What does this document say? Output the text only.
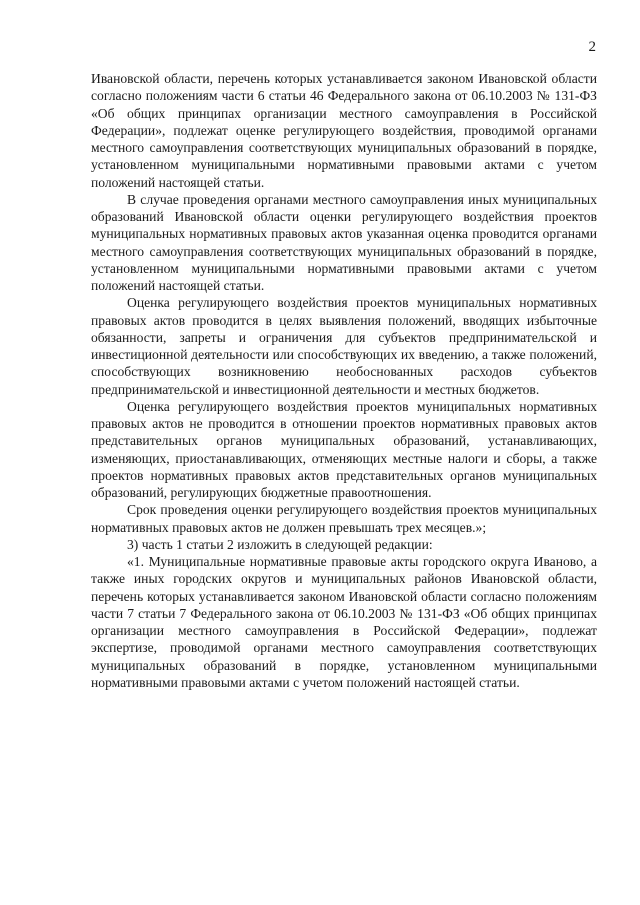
2

Ивановской области, перечень которых устанавливается законом Ивановской области согласно положениям части 6 статьи 46 Федерального закона от 06.10.2003 № 131-ФЗ «Об общих принципах организации местного самоуправления в Российской Федерации», подлежат оценке регулирующего воздействия, проводимой органами местного самоуправления соответствующих муниципальных образований в порядке, установленном муниципальными нормативными правовыми актами с учетом положений настоящей статьи.

В случае проведения органами местного самоуправления иных муниципальных образований Ивановской области оценки регулирующего воздействия проектов муниципальных нормативных правовых актов указанная оценка проводится органами местного самоуправления соответствующих муниципальных образований в порядке, установленном муниципальными нормативными правовыми актами с учетом положений настоящей статьи.

Оценка регулирующего воздействия проектов муниципальных нормативных правовых актов проводится в целях выявления положений, вводящих избыточные обязанности, запреты и ограничения для субъектов предпринимательской и инвестиционной деятельности или способствующих их введению, а также положений, способствующих возникновению необоснованных расходов субъектов предпринимательской и инвестиционной деятельности и местных бюджетов.

Оценка регулирующего воздействия проектов муниципальных нормативных правовых актов не проводится в отношении проектов нормативных правовых актов представительных органов муниципальных образований, устанавливающих, изменяющих, приостанавливающих, отменяющих местные налоги и сборы, а также проектов нормативных правовых актов представительных органов муниципальных образований, регулирующих бюджетные правоотношения.

Срок проведения оценки регулирующего воздействия проектов муниципальных нормативных правовых актов не должен превышать трех месяцев.»;

3) часть 1 статьи 2 изложить в следующей редакции:

«1. Муниципальные нормативные правовые акты городского округа Иваново, а также иных городских округов и муниципальных районов Ивановской области, перечень которых устанавливается законом Ивановской области согласно положениям части 7 статьи 7 Федерального закона от 06.10.2003 № 131-ФЗ «Об общих принципах организации местного самоуправления в Российской Федерации», подлежат экспертизе, проводимой органами местного самоуправления соответствующих муниципальных образований в порядке, установленном муниципальными нормативными правовыми актами с учетом положений настоящей статьи.
